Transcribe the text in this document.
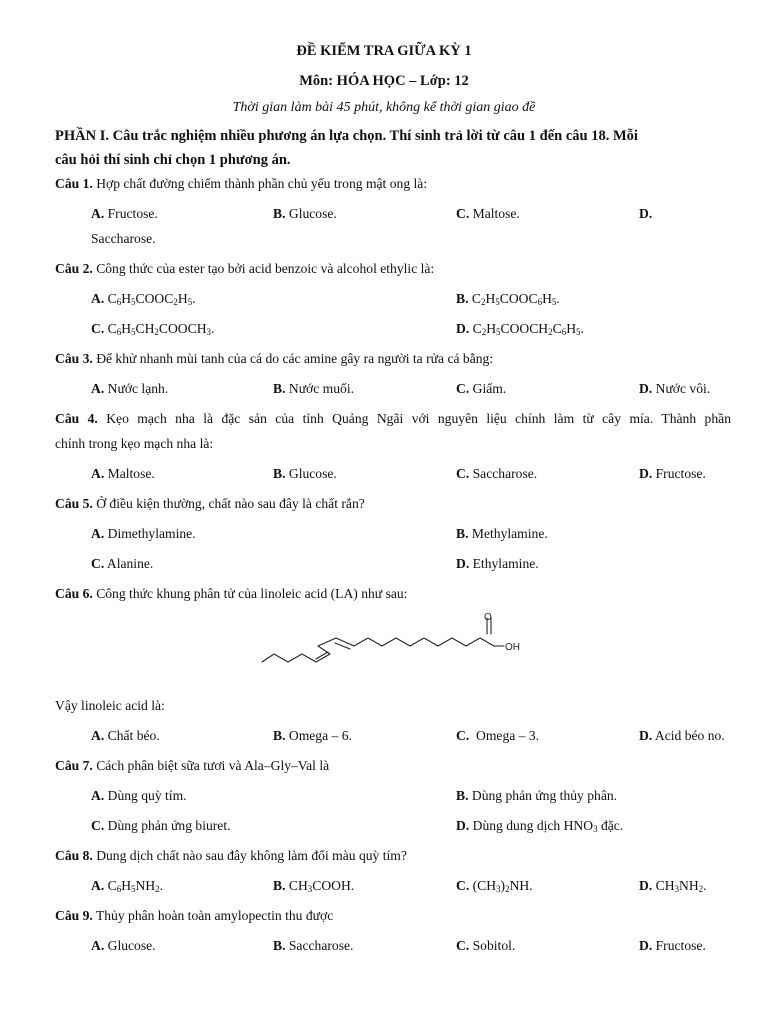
ĐỀ KIỂM TRA GIỮA KỲ 1
Môn: HÓA HỌC – Lớp: 12
Thời gian làm bài 45 phút, không kể thời gian giao đề
PHẦN I. Câu trắc nghiệm nhiều phương án lựa chọn. Thí sinh trả lời từ câu 1 đến câu 18. Mỗi
câu hỏi thí sinh chỉ chọn 1 phương án.
Câu 1. Hợp chất đường chiếm thành phần chủ yếu trong mật ong là:
A. Fructose.	B. Glucose.	C. Maltose.	D.
Saccharose.
Câu 2. Công thức của ester tạo bởi acid benzoic và alcohol ethylic là:
A. $C_6H_5COOC_2H_5$.	B. $C_2H_5COOC_6H_5$.
C. $C_6H_5CH_2COOCH_3$.	D. $C_2H_5COOCH_2C_6H_5$.
Câu 3. Để khử nhanh mùi tanh của cá do các amine gây ra người ta rửa cá bằng:
A. Nước lạnh.	B. Nước muối.	C. Giấm.	D. Nước vôi.
Câu 4. Kẹo mạch nha là đặc sản của tỉnh Quảng Ngãi với nguyên liệu chính làm từ cây mía. Thành phần
chính trong kẹo mạch nha là:
A. Maltose.	B. Glucose.	C. Saccharose.	D. Fructose.
Câu 5. Ở điều kiện thường, chất nào sau đây là chất rắn?
A. Dimethylamine.	B. Methylamine.
C. Alanine.	D. Ethylamine.
Câu 6. Công thức khung phân tử của linoleic acid (LA) như sau:
OH
O
Vậy linoleic acid là:
A. Chất béo.	B. Omega – 6.	C. Omega – 3.	D. Acid béo no.
Câu 7. Cách phân biệt sữa tươi và Ala–Gly–Val là
A. Dùng quỳ tím.	B. Dùng phản ứng thủy phân.
C. Dùng phản ứng biuret.	D. Dùng dung dịch $HNO_3$ đặc.
Câu 8. Dung dịch chất nào sau đây không làm đổi màu quỳ tím?
A. $C_6H_5NH_2$.	B. $CH_3COOH$.	C. $(CH_3)_2NH$.	D. $CH_3NH_2$.
Câu 9. Thủy phân hoàn toàn amylopectin thu được
A. Glucose.	B. Saccharose.	C. Sobitol.	D. Fructose.
